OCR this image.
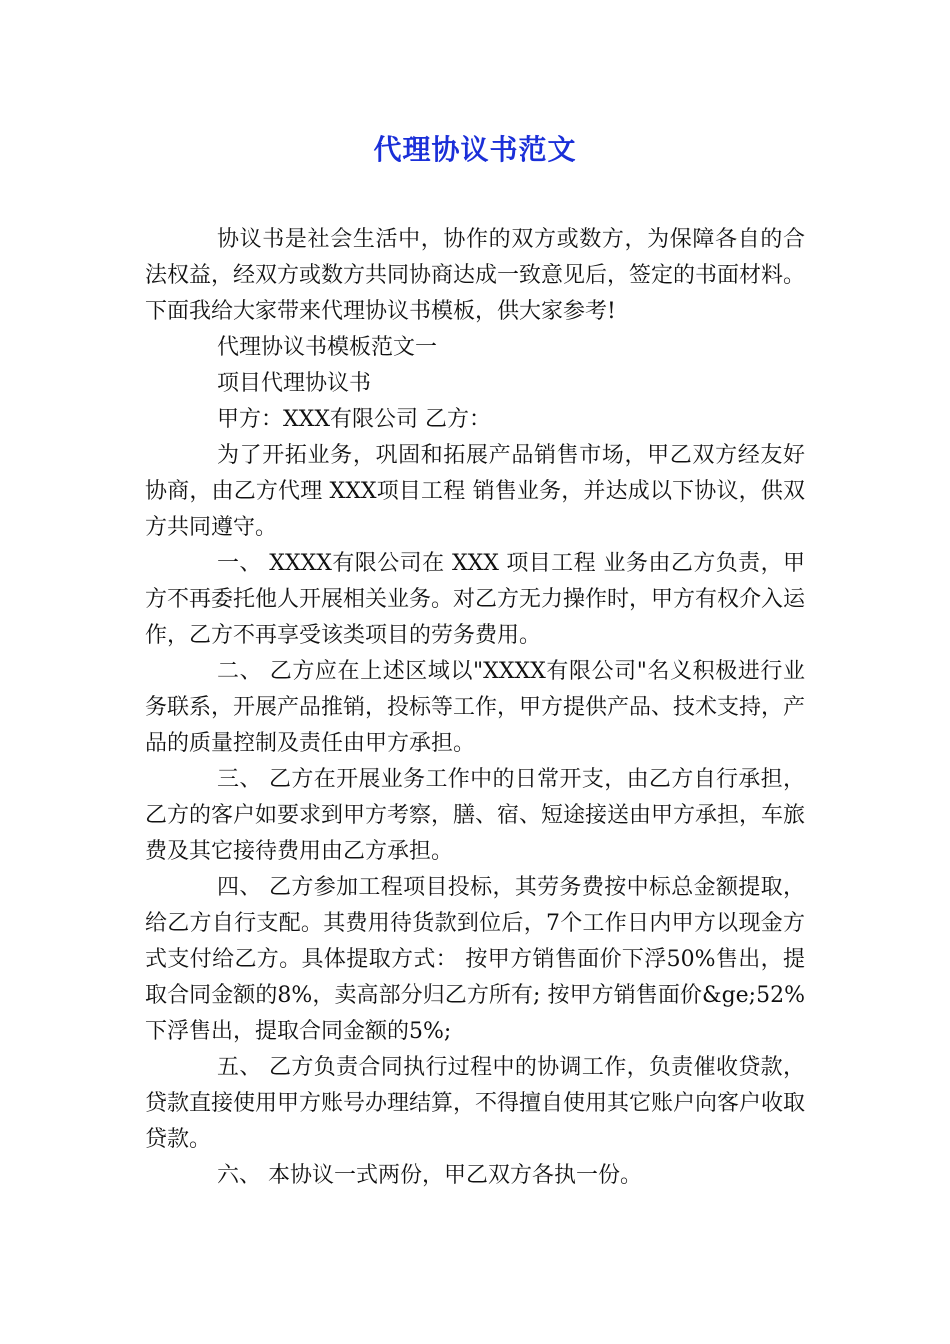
代理协议书范文

协议书是社会生活中，协作的双方或数方，为保障各自的合法权益，经双方或数方共同协商达成一致意见后，签定的书面材料。下面我给大家带来代理协议书模板，供大家参考!

代理协议书模板范文一

项目代理协议书

甲方：XXX有限公司 乙方：

为了开拓业务，巩固和拓展产品销售市场，甲乙双方经友好协商，由乙方代理 XXX项目工程 销售业务，并达成以下协议，供双方共同遵守。

一、 XXXX有限公司在 XXX 项目工程 业务由乙方负责，甲方不再委托他人开展相关业务。对乙方无力操作时，甲方有权介入运作，乙方不再享受该类项目的劳务费用。

二、 乙方应在上述区域以"XXXX有限公司"名义积极进行业务联系，开展产品推销，投标等工作，甲方提供产品、技术支持，产品的质量控制及责任由甲方承担。

三、 乙方在开展业务工作中的日常开支，由乙方自行承担，乙方的客户如要求到甲方考察，膳、宿、短途接送由甲方承担，车旅费及其它接待费用由乙方承担。

四、 乙方参加工程项目投标，其劳务费按中标总金额提取，给乙方自行支配。其费用待货款到位后，7个工作日内甲方以现金方式支付给乙方。具体提取方式： 按甲方销售面价下浮50%售出，提取合同金额的8%，卖高部分归乙方所有; 按甲方销售面价&ge;52%下浮售出，提取合同金额的5%;

五、 乙方负责合同执行过程中的协调工作，负责催收贷款，贷款直接使用甲方账号办理结算，不得擅自使用其它账户向客户收取贷款。

六、 本协议一式两份，甲乙双方各执一份。
